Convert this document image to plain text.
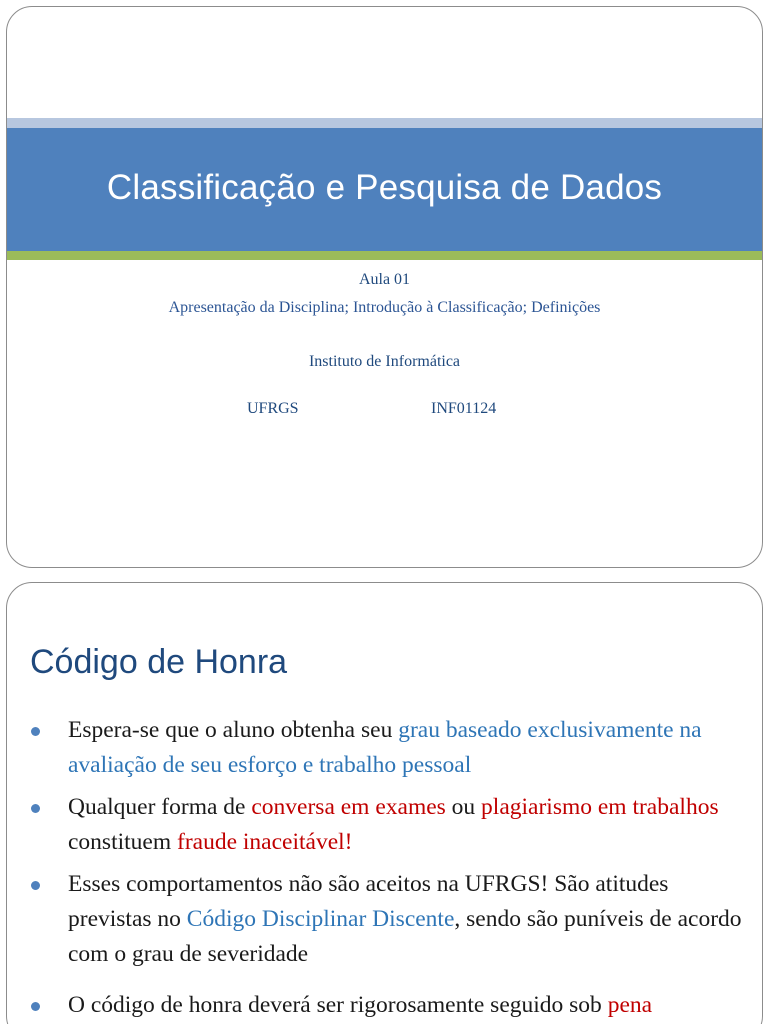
Classificação e Pesquisa de Dados
Aula 01
Apresentação da Disciplina; Introdução à Classificação; Definições
Instituto de Informática
UFRGS	INF01124
Código de Honra
Espera-se que o aluno obtenha seu grau baseado exclusivamente na avaliação de seu esforço e trabalho pessoal
Qualquer forma de conversa em exames ou plagiarismo em trabalhos constituem fraude inaceitável!
Esses comportamentos não são aceitos na UFRGS! São atitudes previstas no Código Disciplinar Discente, sendo são puníveis de acordo com o grau de severidade
O código de honra deverá ser rigorosamente seguido sob pena
